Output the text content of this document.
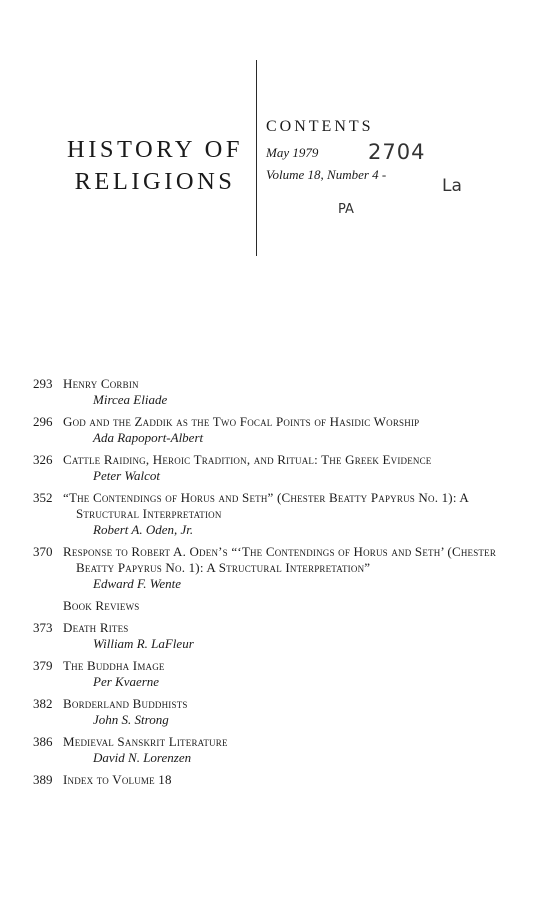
HISTORY OF RELIGIONS
CONTENTS
May 1979
Volume 18, Number 4 -
2704
La
PA
293 Henry Corbin
Mircea Eliade
296 God and the Zaddik as the Two Focal Points of Hasidic Worship
Ada Rapoport-Albert
326 Cattle Raiding, Heroic Tradition, and Ritual: The Greek Evidence
Peter Walcot
352 “The Contendings of Horus and Seth” (Chester Beatty Papyrus No. 1): A Structural Interpretation
Robert A. Oden, Jr.
370 Response to Robert A. Oden’s “‘The Contendings of Horus and Seth’ (Chester Beatty Papyrus No. 1): A Structural Interpretation”
Edward F. Wente
Book Reviews
373 Death Rites
William R. LaFleur
379 The Buddha Image
Per Kvaerne
382 Borderland Buddhists
John S. Strong
386 Medieval Sanskrit Literature
David N. Lorenzen
389 Index to Volume 18
